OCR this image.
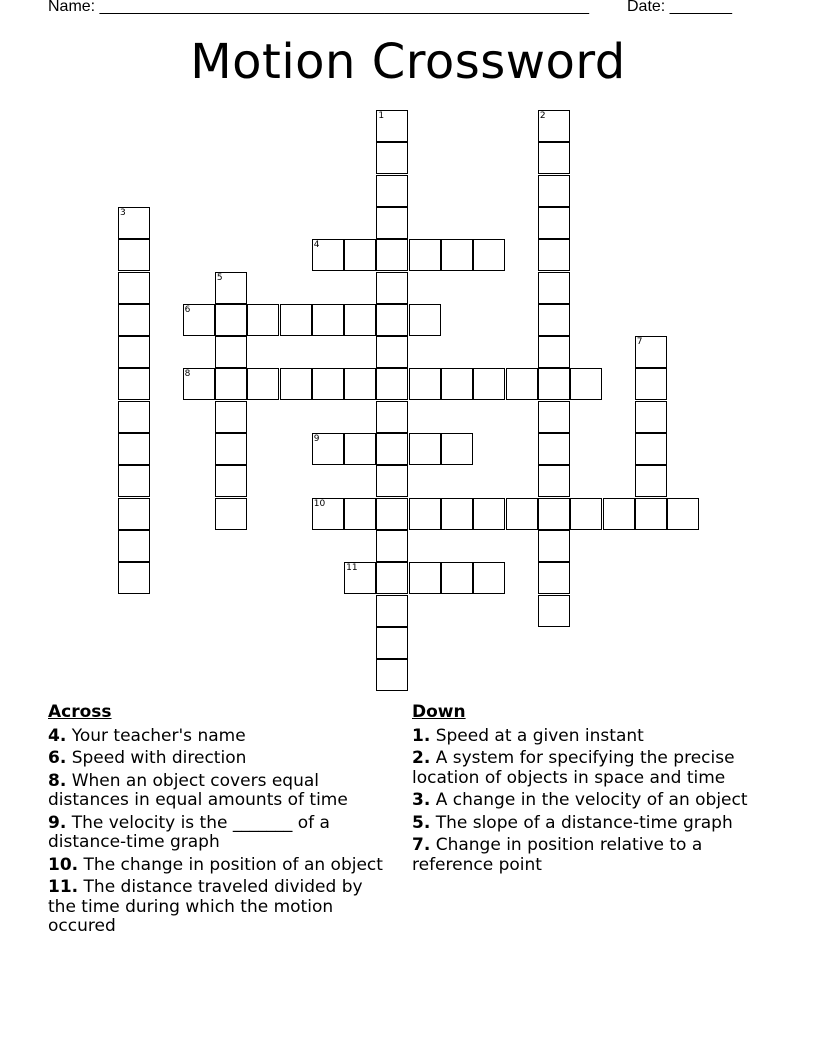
Name: _______________________________________________________ Date: _______
Motion Crossword
1	2
3
4
5
6
7
8
9
10
11
Across
4. Your teacher's name
6. Speed with direction
8. When an object covers equal distances in equal amounts of time
9. The velocity is the _______ of a distance-time graph
10. The change in position of an object
11. The distance traveled divided by the time during which the motion occured
Down
1. Speed at a given instant
2. A system for specifying the precise location of objects in space and time
3. A change in the velocity of an object
5. The slope of a distance-time graph
7. Change in position relative to a reference point
